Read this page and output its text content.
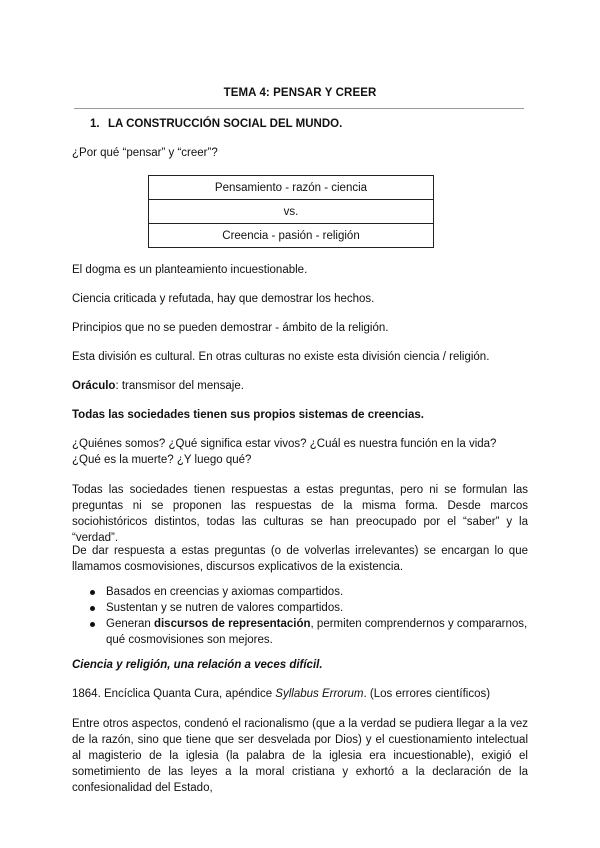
TEMA 4: PENSAR Y CREER
1. LA CONSTRUCCIÓN SOCIAL DEL MUNDO.
¿Por qué “pensar” y “creer”?
Pensamiento - razón - ciencia
vs.
Creencia - pasión - religión
El dogma es un planteamiento incuestionable.
Ciencia criticada y refutada, hay que demostrar los hechos.
Principios que no se pueden demostrar - ámbito de la religión.
Esta división es cultural. En otras culturas no existe esta división ciencia / religión.
Oráculo: transmisor del mensaje.
Todas las sociedades tienen sus propios sistemas de creencias.
¿Quiénes somos? ¿Qué significa estar vivos? ¿Cuál es nuestra función en la vida? ¿Qué es la muerte? ¿Y luego qué?
Todas las sociedades tienen respuestas a estas preguntas, pero ni se formulan las preguntas ni se proponen las respuestas de la misma forma. Desde marcos sociohistóricos distintos, todas las culturas se han preocupado por el “saber” y la “verdad”.
De dar respuesta a estas preguntas (o de volverlas irrelevantes) se encargan lo que llamamos cosmovisiones, discursos explicativos de la existencia.
Basados en creencias y axiomas compartidos.
Sustentan y se nutren de valores compartidos.
Generan discursos de representación, permiten comprendernos y compararnos, qué cosmovisiones son mejores.
Ciencia y religión, una relación a veces difícil.
1864. Encíclica Quanta Cura, apéndice Syllabus Errorum. (Los errores científicos)
Entre otros aspectos, condenó el racionalismo (que a la verdad se pudiera llegar a la vez de la razón, sino que tiene que ser desvelada por Dios) y el cuestionamiento intelectual al magisterio de la iglesia (la palabra de la iglesia era incuestionable), exigió el sometimiento de las leyes a la moral cristiana y exhortó a la declaración de la confesionalidad del Estado,
